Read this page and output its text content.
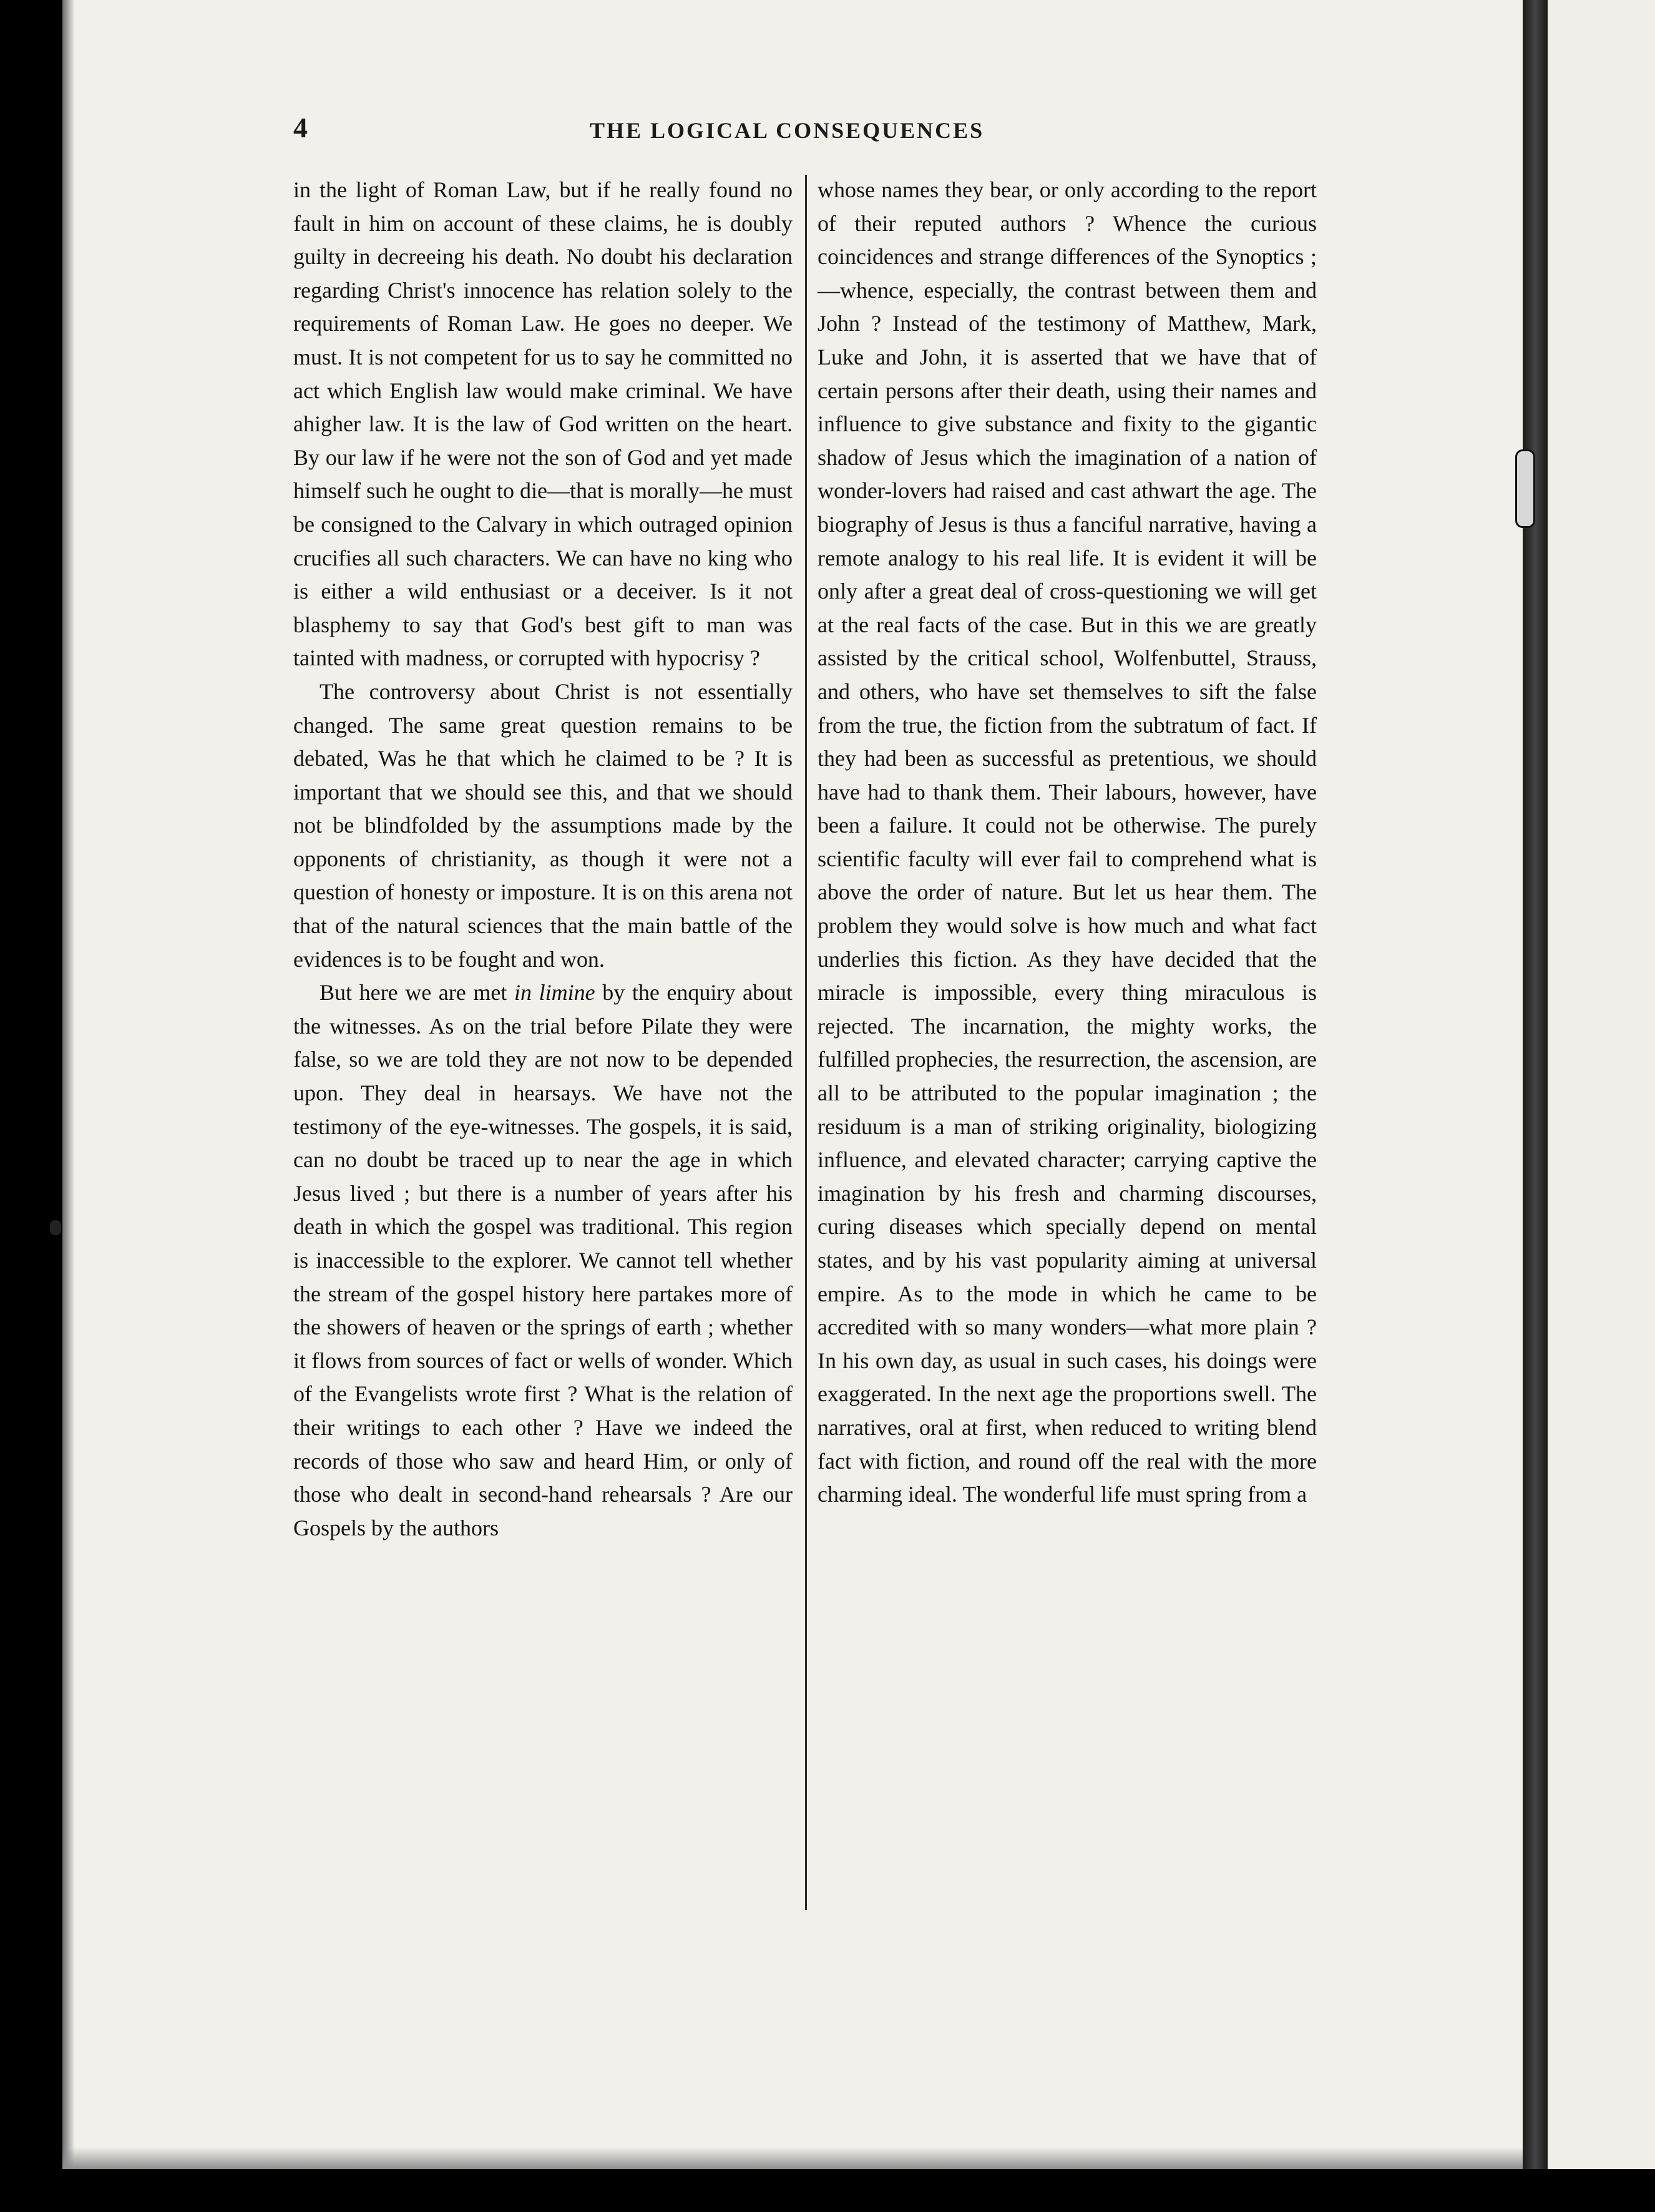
4	THE LOGICAL CONSEQUENCES

in the light of Roman Law, but if he really found no fault in him on account of these claims, he is doubly guilty in decreeing his death. No doubt his declaration regarding Christ's innocence has relation solely to the requirements of Roman Law. He goes no deeper. We must. It is not competent for us to say he committed no act which English law would make criminal. We have ahigher law. It is the law of God written on the heart. By our law if he were not the son of God and yet made himself such he ought to die—that is morally—he must be consigned to the Calvary in which outraged opinion crucifies all such characters. We can have no king who is either a wild enthusiast or a deceiver. Is it not blasphemy to say that God's best gift to man was tainted with madness, or corrupted with hypocrisy ?

The controversy about Christ is not essentially changed. The same great question remains to be debated, Was he that which he claimed to be ? It is important that we should see this, and that we should not be blindfolded by the assumptions made by the opponents of christianity, as though it were not a question of honesty or imposture. It is on this arena not that of the natural sciences that the main battle of the evidences is to be fought and won.

But here we are met in limine by the enquiry about the witnesses. As on the trial before Pilate they were false, so we are told they are not now to be depended upon. They deal in hearsays. We have not the testimony of the eye-witnesses. The gospels, it is said, can no doubt be traced up to near the age in which Jesus lived ; but there is a number of years after his death in which the gospel was traditional. This region is inaccessible to the explorer. We cannot tell whether the stream of the gospel history here partakes more of the showers of heaven or the springs of earth ; whether it flows from sources of fact or wells of wonder. Which of the Evangelists wrote first ? What is the relation of their writings to each other ? Have we indeed the records of those who saw and heard Him, or only of those who dealt in second-hand rehearsals ? Are our Gospels by the authors

whose names they bear, or only according to the report of their reputed authors ? Whence the curious coincidences and strange differences of the Synoptics ;—whence, especially, the contrast between them and John ? Instead of the testimony of Matthew, Mark, Luke and John, it is asserted that we have that of certain persons after their death, using their names and influence to give substance and fixity to the gigantic shadow of Jesus which the imagination of a nation of wonder-lovers had raised and cast athwart the age. The biography of Jesus is thus a fanciful narrative, having a remote analogy to his real life. It is evident it will be only after a great deal of cross-questioning we will get at the real facts of the case. But in this we are greatly assisted by the critical school, Wolfenbuttel, Strauss, and others, who have set themselves to sift the false from the true, the fiction from the subtratum of fact. If they had been as successful as pretentious, we should have had to thank them. Their labours, however, have been a failure. It could not be otherwise. The purely scientific faculty will ever fail to comprehend what is above the order of nature. But let us hear them. The problem they would solve is how much and what fact underlies this fiction. As they have decided that the miracle is impossible, every thing miraculous is rejected. The incarnation, the mighty works, the fulfilled prophecies, the resurrection, the ascension, are all to be attributed to the popular imagination ; the residuum is a man of striking originality, biologizing influence, and elevated character; carrying captive the imagination by his fresh and charming discourses, curing diseases which specially depend on mental states, and by his vast popularity aiming at universal empire. As to the mode in which he came to be accredited with so many wonders—what more plain ? In his own day, as usual in such cases, his doings were exaggerated. In the next age the proportions swell. The narratives, oral at first, when reduced to writing blend fact with fiction, and round off the real with the more charming ideal. The wonderful life must spring from a
